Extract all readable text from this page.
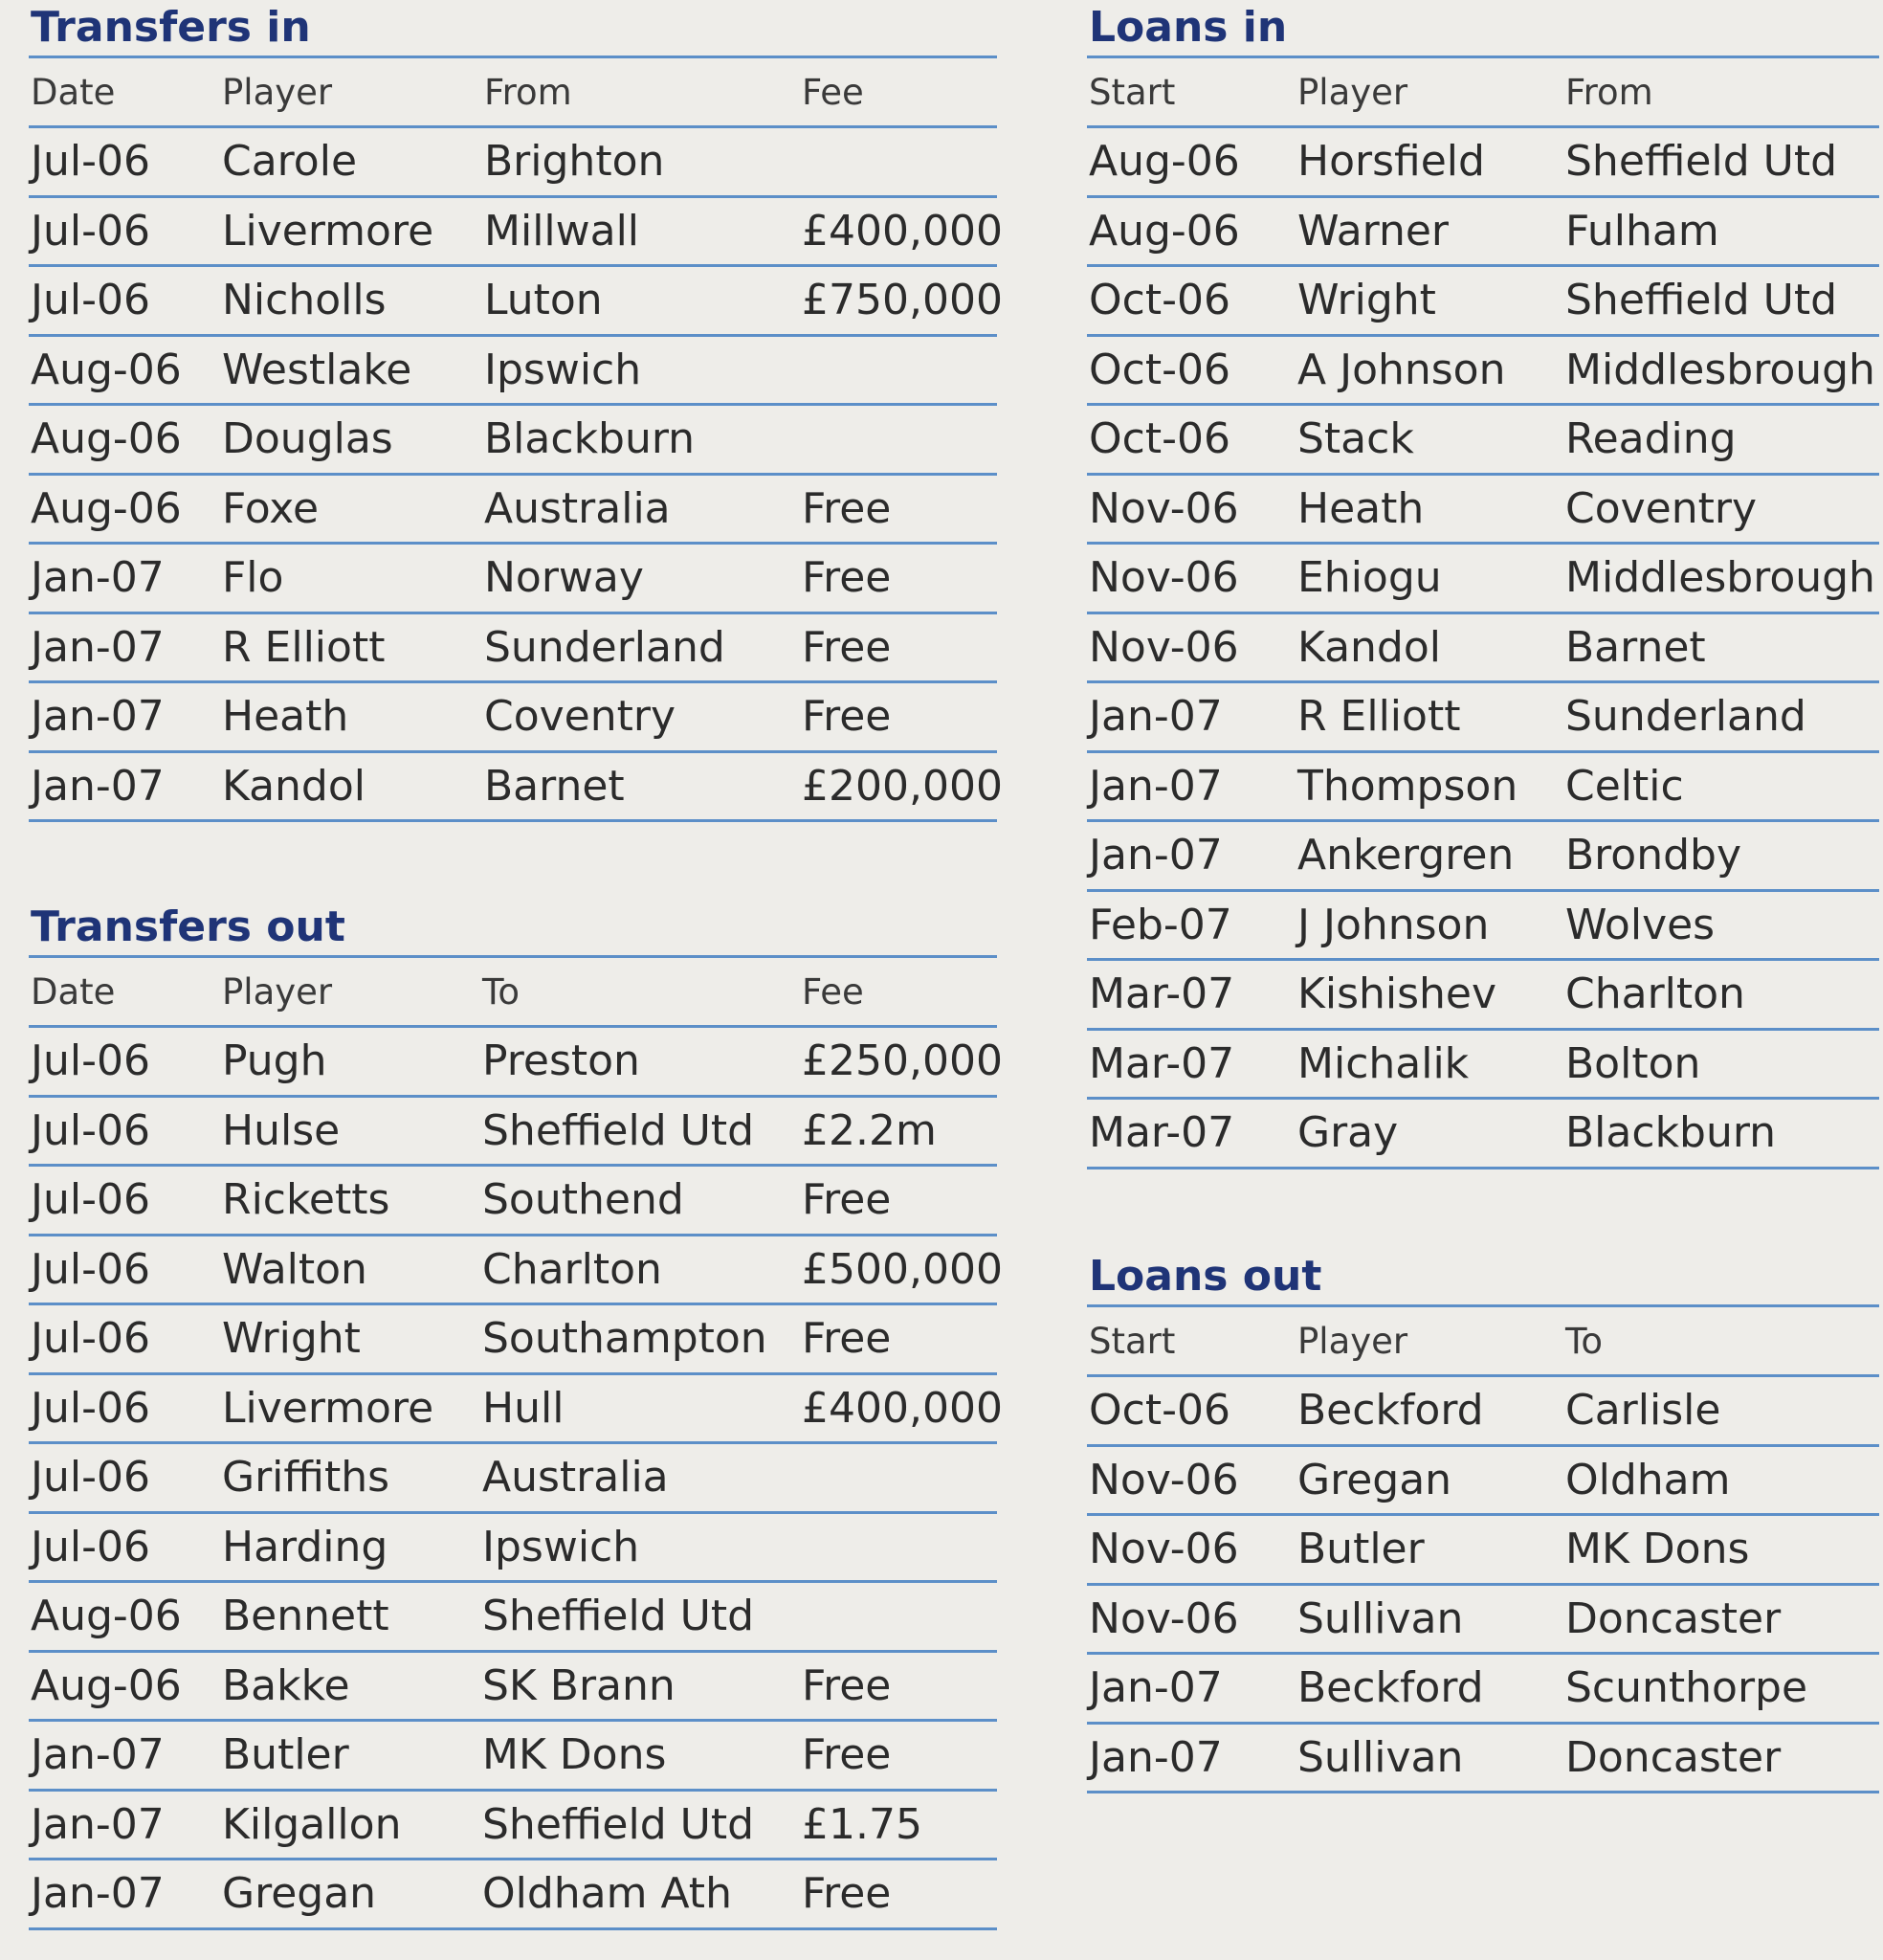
Transfers in
Date	Player	From	Fee
Jul-06	Carole	Brighton	
Jul-06	Livermore	Millwall	£400,000
Jul-06	Nicholls	Luton	£750,000
Aug-06	Westlake	Ipswich	
Aug-06	Douglas	Blackburn	
Aug-06	Foxe	Australia	Free
Jan-07	Flo	Norway	Free
Jan-07	R Elliott	Sunderland	Free
Jan-07	Heath	Coventry	Free
Jan-07	Kandol	Barnet	£200,000
Transfers out
Date	Player	To	Fee
Jul-06	Pugh	Preston	£250,000
Jul-06	Hulse	Sheffield Utd	£2.2m
Jul-06	Ricketts	Southend	Free
Jul-06	Walton	Charlton	£500,000
Jul-06	Wright	Southampton	Free
Jul-06	Livermore	Hull	£400,000
Jul-06	Griffiths	Australia	
Jul-06	Harding	Ipswich	
Aug-06	Bennett	Sheffield Utd	
Aug-06	Bakke	SK Brann	Free
Jan-07	Butler	MK Dons	Free
Jan-07	Kilgallon	Sheffield Utd	£1.75
Jan-07	Gregan	Oldham Ath	Free
Loans in
Start	Player	From
Aug-06	Horsfield	Sheffield Utd
Aug-06	Warner	Fulham
Oct-06	Wright	Sheffield Utd
Oct-06	A Johnson	Middlesbrough
Oct-06	Stack	Reading
Nov-06	Heath	Coventry
Nov-06	Ehiogu	Middlesbrough
Nov-06	Kandol	Barnet
Jan-07	R Elliott	Sunderland
Jan-07	Thompson	Celtic
Jan-07	Ankergren	Brondby
Feb-07	J Johnson	Wolves
Mar-07	Kishishev	Charlton
Mar-07	Michalik	Bolton
Mar-07	Gray	Blackburn
Loans out
Start	Player	To
Oct-06	Beckford	Carlisle
Nov-06	Gregan	Oldham
Nov-06	Butler	MK Dons
Nov-06	Sullivan	Doncaster
Jan-07	Beckford	Scunthorpe
Jan-07	Sullivan	Doncaster
